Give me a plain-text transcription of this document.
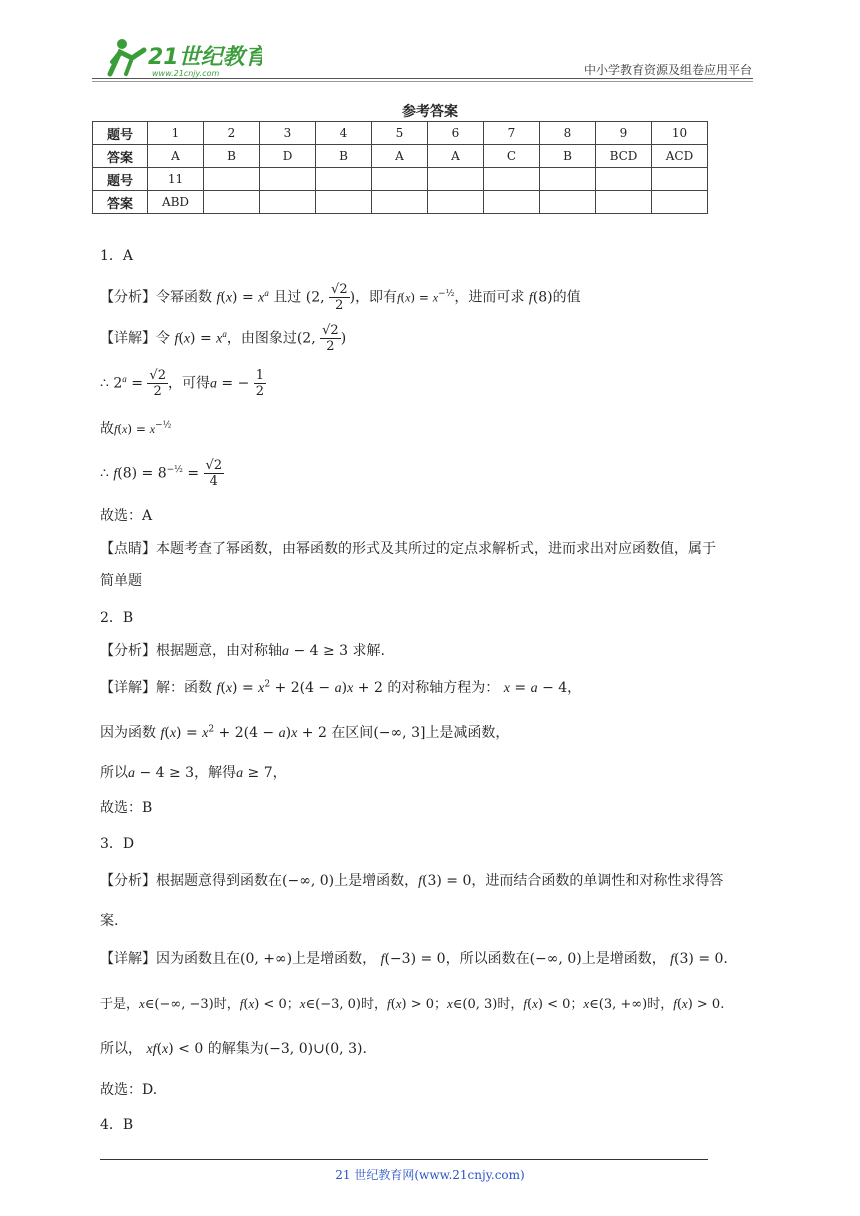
21世纪教育
www.21cnjy.com	中小学教育资源及组卷应用平台
参考答案
题号	1	2	3	4	5	6	7	8	9	10
答案	A	B	D	B	A	A	C	B	BCD	ACD
题号	11									
答案	ABD									
1．A
【分析】令幂函数 $f(x) = x^a$ 且过 (2, $\frac{√2}{2}$ )，即有$f(x) = x^{-\frac{1}{2}}$，进而可求 f(8)的值
【详解】令 $f(x) = x^a$，由图象过(2, $\frac{√2}{2}$ )
∴ $2^a = \frac{√2}{2}$ ，可得a = − $\frac{1}{2}$
故$f(x) = x^{-\frac{1}{2}}$
∴ $f(8) = 8^{-\frac{1}{2}} = \frac{√2}{4}$
故选：A
【点睛】本题考查了幂函数，由幂函数的形式及其所过的定点求解析式，进而求出对应函数值，属于
简单题
2．B
【分析】根据题意，由对称轴a − 4 ≥ 3 求解.
【详解】解：函数 $f(x) = x^2 + 2(4 - a)x + 2$ 的对称轴方程为： x = a − 4，
因为函数 $f(x) = x^2 + 2(4 - a)x + 2$ 在区间(−∞, 3]上是减函数，
所以a − 4 ≥ 3，解得a ≥ 7，
故选：B
3．D
【分析】根据题意得到函数在(−∞, 0)上是增函数，f(3) = 0，进而结合函数的单调性和对称性求得答
案.
【详解】因为函数且在(0, +∞)上是增函数， f(−3) = 0，所以函数在(−∞, 0)上是增函数， f(3) = 0.
于是，x∈(−∞, −3)时，f(x) < 0；x∈(−3, 0)时，f(x) > 0；x∈(0, 3)时，f(x) < 0；x∈(3, +∞)时，f(x) > 0.
所以， xf(x) < 0 的解集为(−3, 0)∪(0, 3).
故选：D.
4．B
21 世纪教育网(www.21cnjy.com)
